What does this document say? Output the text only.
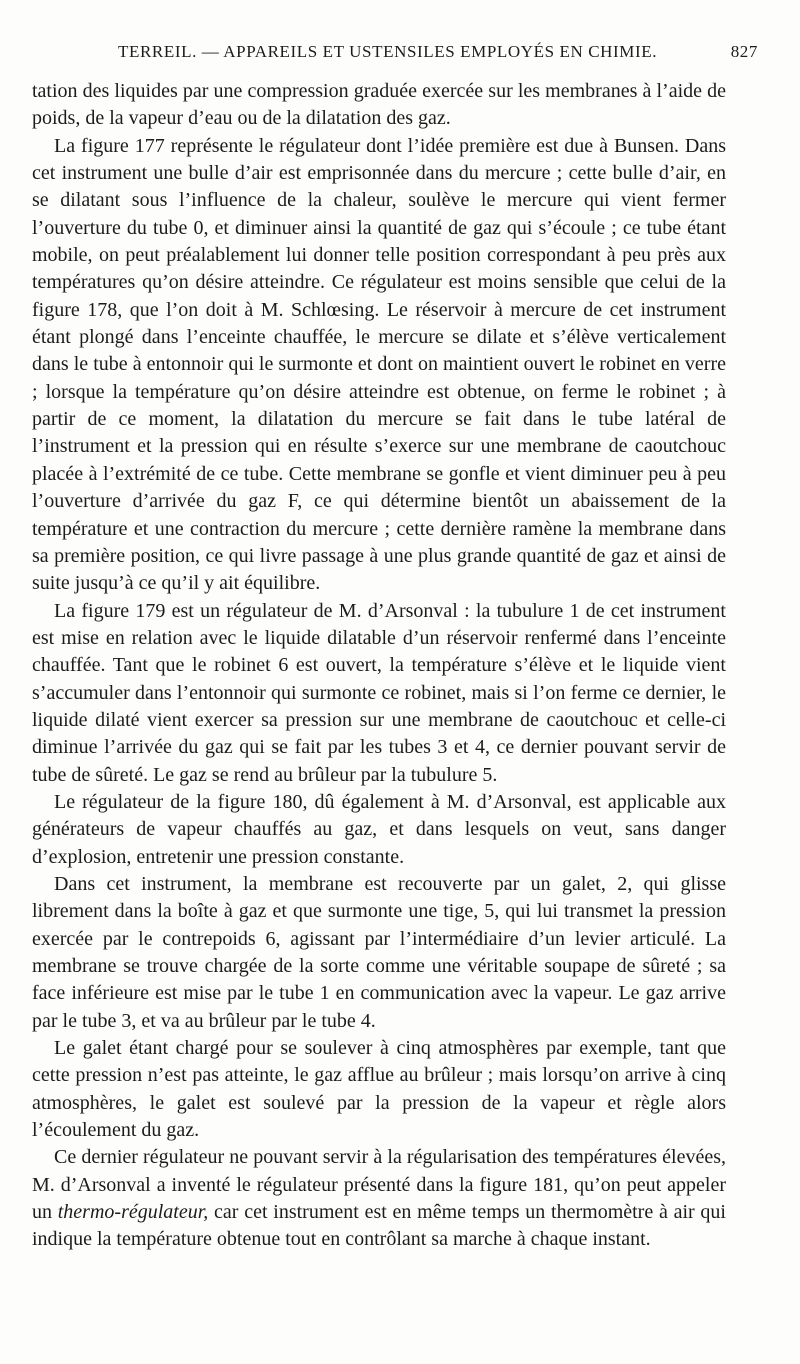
TERREIL. — APPAREILS ET USTENSILES EMPLOYÉS EN CHIMIE.	827

tation des liquides par une compression graduée exercée sur les membranes à l’aide de poids, de la vapeur d’eau ou de la dilatation des gaz.

La figure 177 représente le régulateur dont l’idée première est due à Bunsen. Dans cet instrument une bulle d’air est emprisonnée dans du mercure ; cette bulle d’air, en se dilatant sous l’influence de la chaleur, soulève le mercure qui vient fermer l’ouverture du tube 0, et diminuer ainsi la quantité de gaz qui s’écoule ; ce tube étant mobile, on peut préalablement lui donner telle position correspondant à peu près aux températures qu’on désire atteindre. Ce régulateur est moins sensible que celui de la figure 178, que l’on doit à M. Schlœsing. Le réservoir à mercure de cet instrument étant plongé dans l’enceinte chauffée, le mercure se dilate et s’élève verticalement dans le tube à entonnoir qui le surmonte et dont on maintient ouvert le robinet en verre ; lorsque la température qu’on désire atteindre est obtenue, on ferme le robinet ; à partir de ce moment, la dilatation du mercure se fait dans le tube latéral de l’instrument et la pression qui en résulte s’exerce sur une membrane de caoutchouc placée à l’extrémité de ce tube. Cette membrane se gonfle et vient diminuer peu à peu l’ouverture d’arrivée du gaz F, ce qui détermine bientôt un abaissement de la température et une contraction du mercure ; cette dernière ramène la membrane dans sa première position, ce qui livre passage à une plus grande quantité de gaz et ainsi de suite jusqu’à ce qu’il y ait équilibre.

La figure 179 est un régulateur de M. d’Arsonval : la tubulure 1 de cet instrument est mise en relation avec le liquide dilatable d’un réservoir renfermé dans l’enceinte chauffée. Tant que le robinet 6 est ouvert, la température s’élève et le liquide vient s’accumuler dans l’entonnoir qui surmonte ce robinet, mais si l’on ferme ce dernier, le liquide dilaté vient exercer sa pression sur une membrane de caoutchouc et celle-ci diminue l’arrivée du gaz qui se fait par les tubes 3 et 4, ce dernier pouvant servir de tube de sûreté. Le gaz se rend au brûleur par la tubulure 5.

Le régulateur de la figure 180, dû également à M. d’Arsonval, est applicable aux générateurs de vapeur chauffés au gaz, et dans lesquels on veut, sans danger d’explosion, entretenir une pression constante.

Dans cet instrument, la membrane est recouverte par un galet, 2, qui glisse librement dans la boîte à gaz et que surmonte une tige, 5, qui lui transmet la pression exercée par le contrepoids 6, agissant par l’intermédiaire d’un levier articulé. La membrane se trouve chargée de la sorte comme une véritable soupape de sûreté ; sa face inférieure est mise par le tube 1 en communication avec la vapeur. Le gaz arrive par le tube 3, et va au brûleur par le tube 4.

Le galet étant chargé pour se soulever à cinq atmosphères par exemple, tant que cette pression n’est pas atteinte, le gaz afflue au brûleur ; mais lorsqu’on arrive à cinq atmosphères, le galet est soulevé par la pression de la vapeur et règle alors l’écoulement du gaz.

Ce dernier régulateur ne pouvant servir à la régularisation des températures élevées, M. d’Arsonval a inventé le régulateur présenté dans la figure 181, qu’on peut appeler un thermo-régulateur, car cet instrument est en même temps un thermomètre à air qui indique la température obtenue tout en contrôlant sa marche à chaque instant.
